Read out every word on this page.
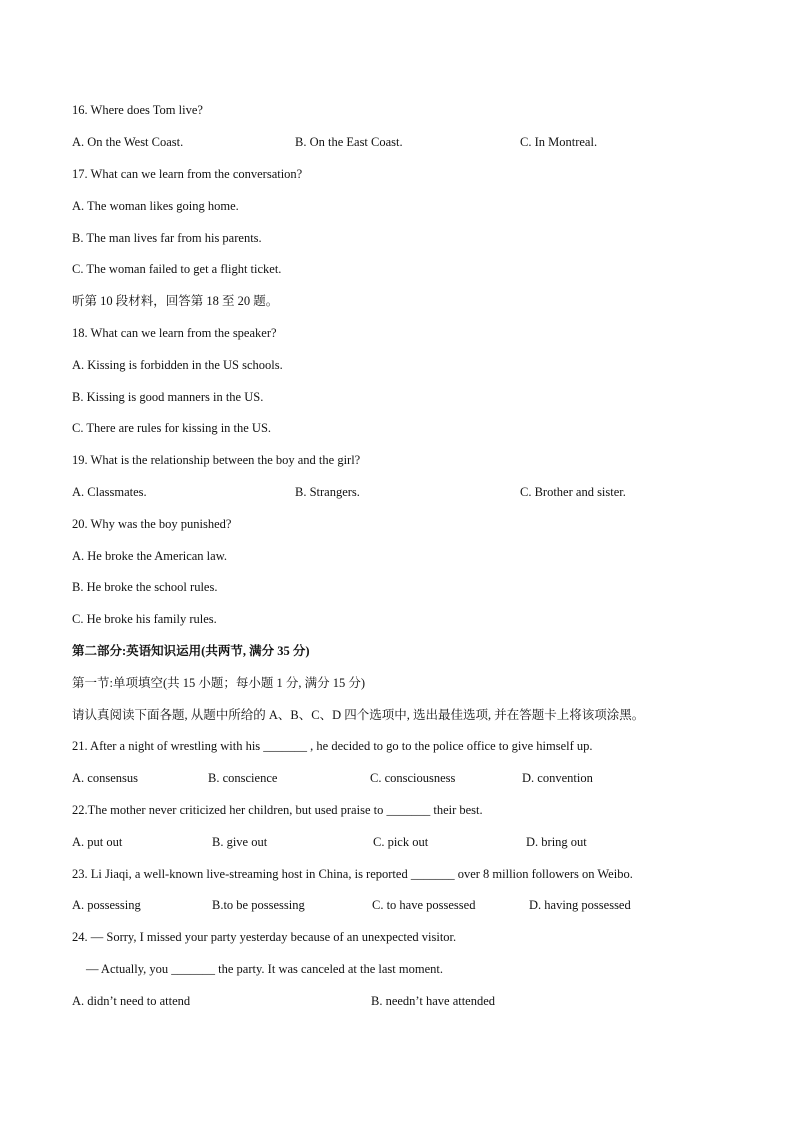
16. Where does Tom live?
A. On the West Coast.	B. On the East Coast.	C. In Montreal.
17. What can we learn from the conversation?
A. The woman likes going home.
B. The man lives far from his parents.
C. The woman failed to get a flight ticket.
听第 10 段材料，回答第 18 至 20 题。
18. What can we learn from the speaker?
A. Kissing is forbidden in the US schools.
B. Kissing is good manners in the US.
C. There are rules for kissing in the US.
19. What is the relationship between the boy and the girl?
A. Classmates.	B. Strangers.	C. Brother and sister.
20. Why was the boy punished?
A. He broke the American law.
B. He broke the school rules.
C. He broke his family rules.
第二部分:英语知识运用(共两节, 满分 35 分)
第一节:单项填空(共 15 小题；每小题 1 分, 满分 15 分)
请认真阅读下面各题, 从题中所给的 A、B、C、D 四个选项中, 选出最佳选项, 并在答题卡上将该项涂黑。
21. After a night of wrestling with his _______ , he decided to go to the police office to give himself up.
A. consensus	B. conscience	C. consciousness	D. convention
22.The mother never criticized her children, but used praise to _______ their best.
A. put out	B. give out	C. pick out	D. bring out
23. Li Jiaqi, a well-known live-streaming host in China, is reported _______ over 8 million followers on Weibo.
A. possessing	B.to be possessing	C. to have possessed	D. having possessed
24. — Sorry, I missed your party yesterday because of an unexpected visitor.
— Actually, you _______ the party. It was canceled at the last moment.
A. didn’t need to attend	B. needn’t have attended
